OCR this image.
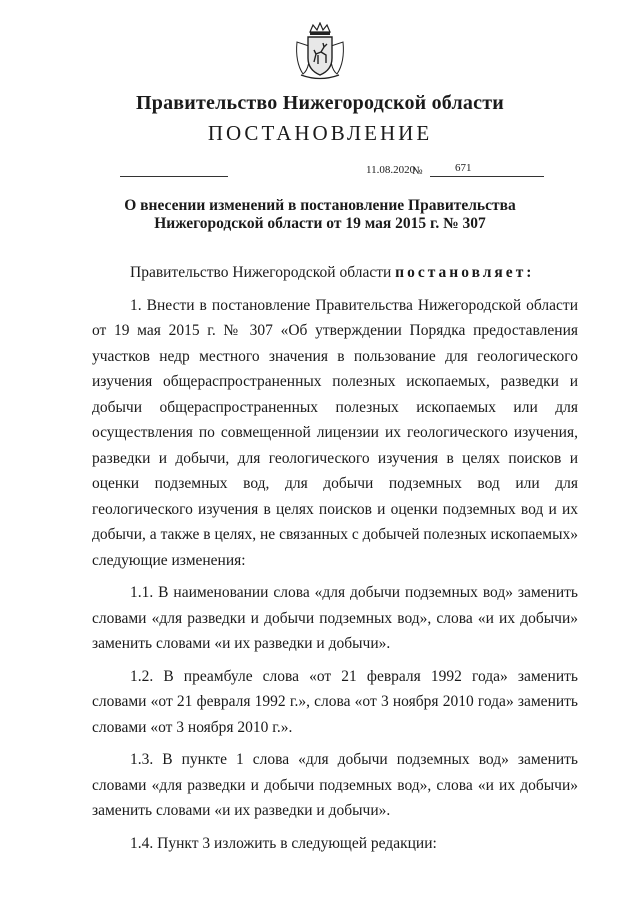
Правительство Нижегородской области
ПОСТАНОВЛЕНИЕ
11.08.2020
№	671
О внесении изменений в постановление Правительства
Нижегородской области от 19 мая 2015 г. № 307

Правительство Нижегородской области постановляет:

1. Внести в постановление Правительства Нижегородской области от 19 мая 2015 г. № 307 «Об утверждении Порядка предоставления участков недр местного значения в пользование для геологического изучения общераспространенных полезных ископаемых, разведки и добычи общераспространенных полезных ископаемых или для осуществления по совмещенной лицензии их геологического изучения, разведки и добычи, для геологического изучения в целях поисков и оценки подземных вод, для добычи подземных вод или для геологического изучения в целях поисков и оценки подземных вод и их добычи, а также в целях, не связанных с добычей полезных ископаемых» следующие изменения:

1.1. В наименовании слова «для добычи подземных вод» заменить словами «для разведки и добычи подземных вод», слова «и их добычи» заменить словами «и их разведки и добычи».

1.2. В преамбуле слова «от 21 февраля 1992 года» заменить словами «от 21 февраля 1992 г.», слова «от 3 ноября 2010 года» заменить словами «от 3 ноября 2010 г.».

1.3. В пункте 1 слова «для добычи подземных вод» заменить словами «для разведки и добычи подземных вод», слова «и их добычи» заменить словами «и их разведки и добычи».

1.4. Пункт 3 изложить в следующей редакции:
